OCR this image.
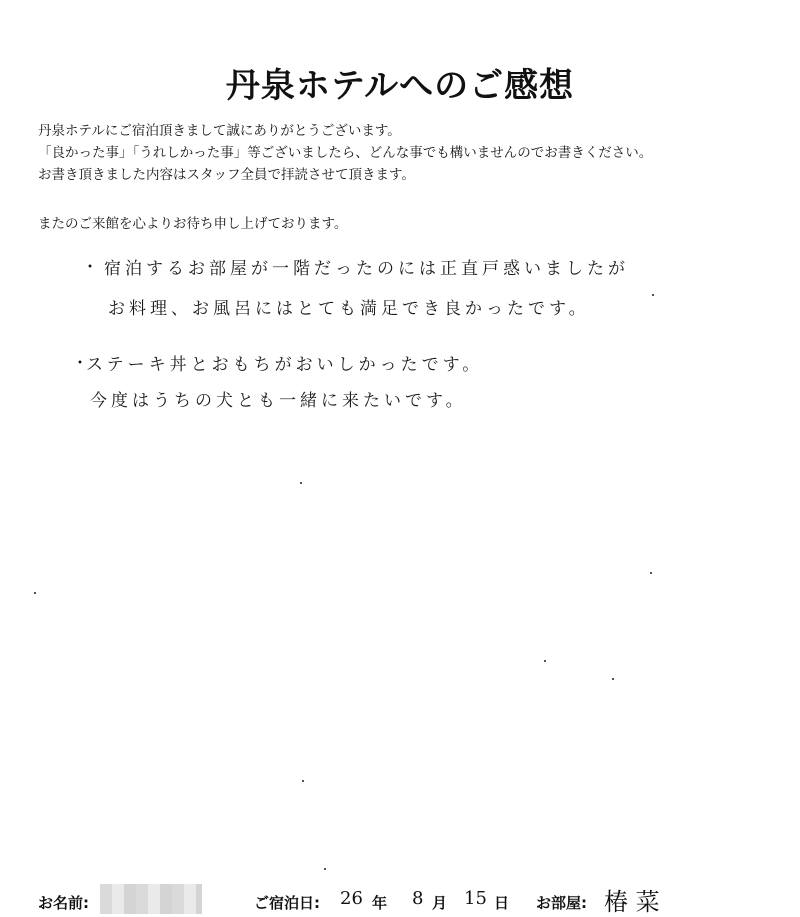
丹泉ホテルへのご感想
丹泉ホテルにご宿泊頂きまして誠にありがとうございます。
「良かった事」「うれしかった事」等ございましたら、どんな事でも構いませんのでお書きください。
お書き頂きました内容はスタッフ全員で拝読させて頂きます。
またのご来館を心よりお待ち申し上げております。
・ 宿泊するお部屋が一階だったのには正直戸惑いましたが
お料理、お風呂にはとても満足でき良かったです。
・
ステーキ丼とおもちがおいしかったです。
今度はうちの犬とも一緒に来たいです。
お名前:	ご宿泊日: 26 年 8 月 15 日 お部屋: 椿 菜
